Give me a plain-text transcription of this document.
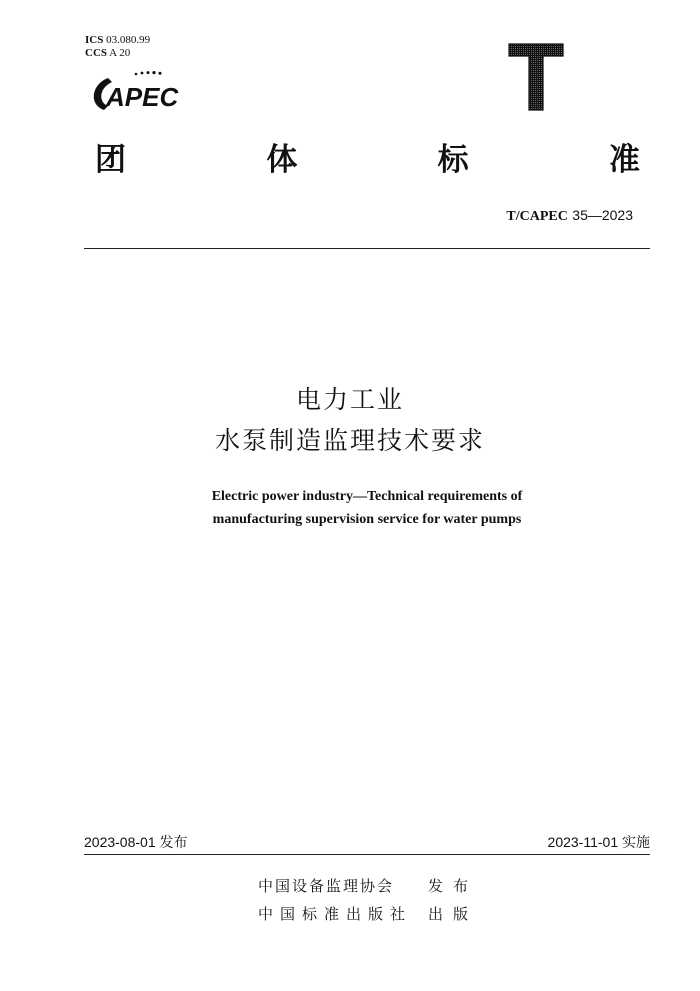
ICS 03.080.99
CCS A 20
APEC
团	体	标	准
T/CAPEC 35—2023
电力工业
水泵制造监理技术要求
Electric power industry—Technical requirements of
manufacturing supervision service for water pumps
2023-08-01 发布	2023-11-01 实施
中国设备监理协会 发布
中国标准出版社 出版
